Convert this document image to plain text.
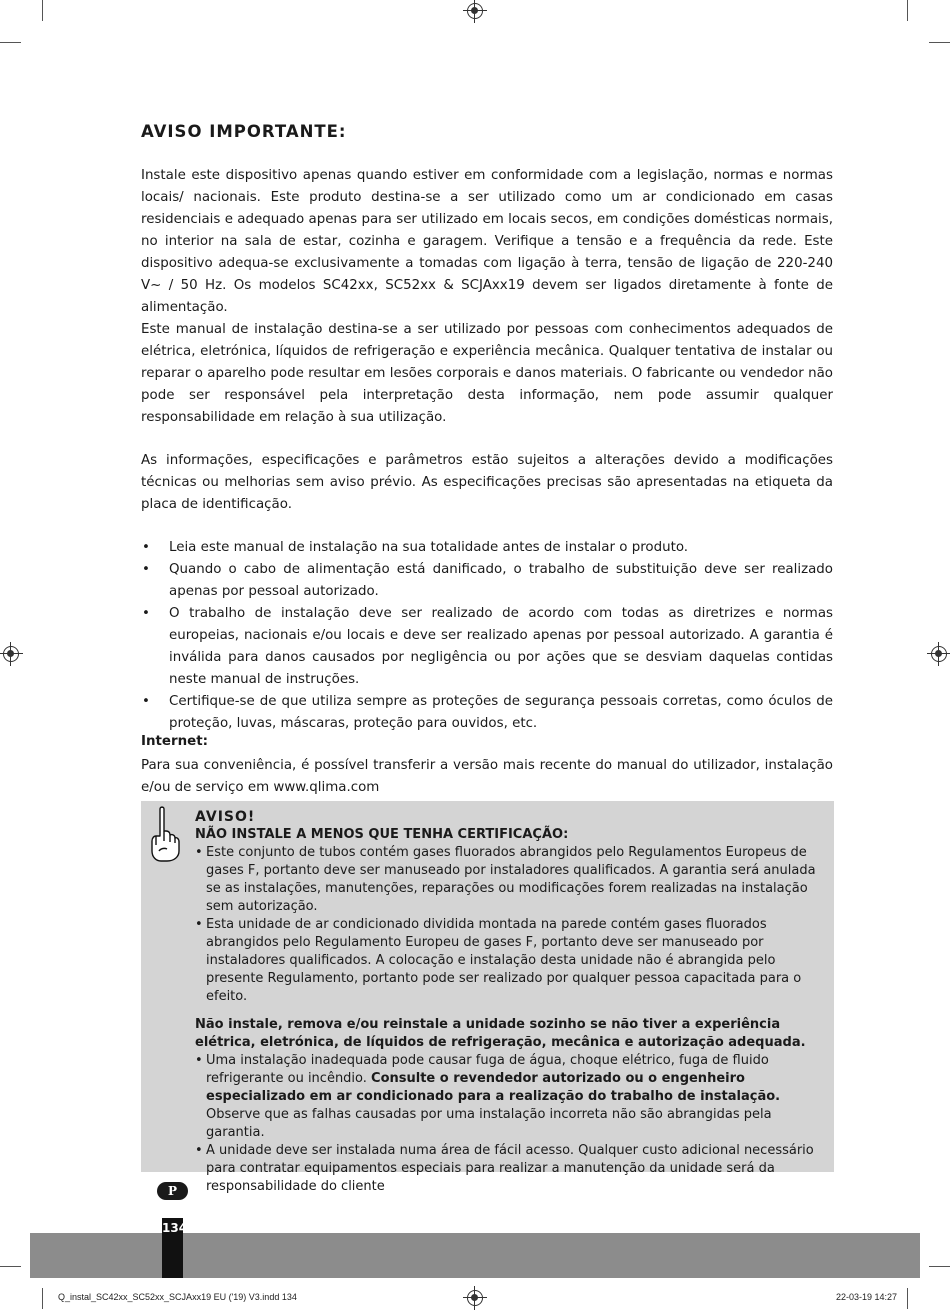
AVISO IMPORTANTE:

Instale este dispositivo apenas quando estiver em conformidade com a legislação, normas e normas locais/ nacionais. Este produto destina-se a ser utilizado como um ar condicionado em casas residenciais e adequado apenas para ser utilizado em locais secos, em condições domésticas normais, no interior na sala de estar, cozinha e garagem. Verifique a tensão e a frequência da rede. Este dispositivo adequa-se exclusivamente a tomadas com ligação à terra, tensão de ligação de 220-240 V~ / 50 Hz. Os modelos SC42xx, SC52xx & SCJAxx19 devem ser ligados diretamente à fonte de alimentação.

Este manual de instalação destina-se a ser utilizado por pessoas com conhecimentos adequados de elétrica, eletrónica, líquidos de refrigeração e experiência mecânica. Qualquer tentativa de instalar ou reparar o aparelho pode resultar em lesões corporais e danos materiais. O fabricante ou vendedor não pode ser responsável pela interpretação desta informação, nem pode assumir qualquer responsabilidade em relação à sua utilização.

As informações, especificações e parâmetros estão sujeitos a alterações devido a modificações técnicas ou melhorias sem aviso prévio. As especificações precisas são apresentadas na etiqueta da placa de identificação.

• Leia este manual de instalação na sua totalidade antes de instalar o produto.
• Quando o cabo de alimentação está danificado, o trabalho de substituição deve ser realizado apenas por pessoal autorizado.
• O trabalho de instalação deve ser realizado de acordo com todas as diretrizes e normas europeias, nacionais e/ou locais e deve ser realizado apenas por pessoal autorizado. A garantia é inválida para danos causados por negligência ou por ações que se desviam daquelas contidas neste manual de instruções.
• Certifique-se de que utiliza sempre as proteções de segurança pessoais corretas, como óculos de proteção, luvas, máscaras, proteção para ouvidos, etc.
Internet:

Para sua conveniência, é possível transferir a versão mais recente do manual do utilizador, instalação e/ou de serviço em www.qlima.com

AVISO!
NÃO INSTALE A MENOS QUE TENHA CERTIFICAÇÃO:
• Este conjunto de tubos contém gases fluorados abrangidos pelo Regulamentos Europeus de gases F, portanto deve ser manuseado por instaladores qualificados. A garantia será anulada se as instalações, manutenções, reparações ou modificações forem realizadas na instalação sem autorização.
• Esta unidade de ar condicionado dividida montada na parede contém gases fluorados abrangidos pelo Regulamento Europeu de gases F, portanto deve ser manuseado por instaladores qualificados. A colocação e instalação desta unidade não é abrangida pelo presente Regulamento, portanto pode ser realizado por qualquer pessoa capacitada para o efeito.
Não instale, remova e/ou reinstale a unidade sozinho se não tiver a experiência elétrica, eletrónica, de líquidos de refrigeração, mecânica e autorização adequada.
• Uma instalação inadequada pode causar fuga de água, choque elétrico, fuga de fluido refrigerante ou incêndio. Consulte o revendedor autorizado ou o engenheiro especializado em ar condicionado para a realização do trabalho de instalação. Observe que as falhas causadas por uma instalação incorreta não são abrangidas pela garantia.
• A unidade deve ser instalada numa área de fácil acesso. Qualquer custo adicional necessário para contratar equipamentos especiais para realizar a manutenção da unidade será da responsabilidade do cliente
P
134
Q_instal_SC42xx_SC52xx_SCJAxx19 EU ('19) V3.indd 134	22-03-19 14:27
